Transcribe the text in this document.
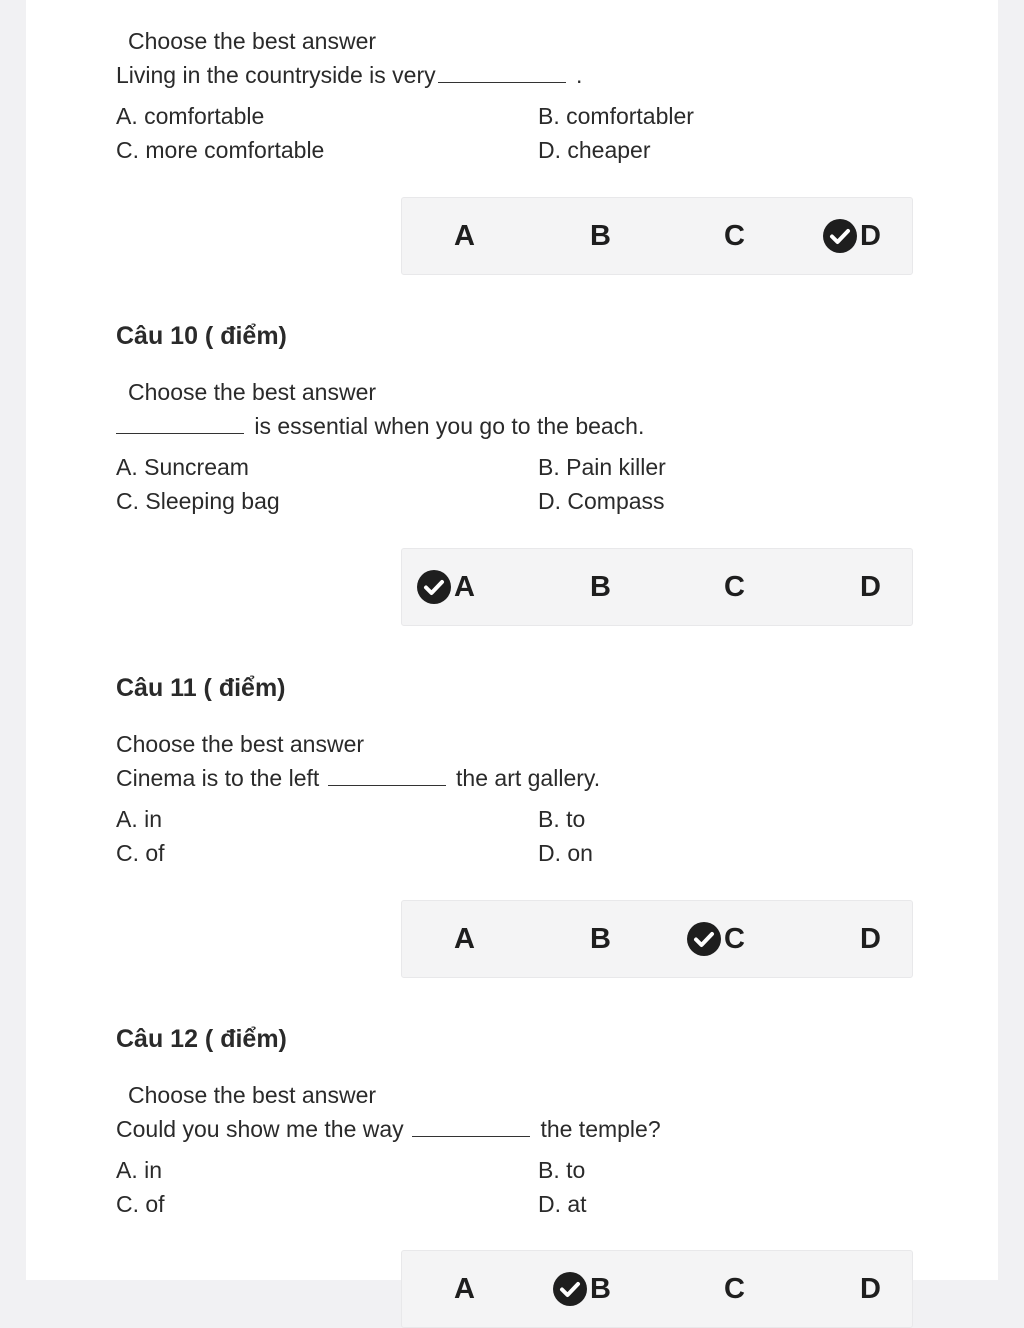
Choose the best answer
Living in the countryside is very	.
A. comfortable	B. comfortabler
C. more comfortable	D. cheaper
A	B	C	D
Câu 10 ( điểm)
Choose the best answer
is essential when you go to the beach.
A. Suncream	B. Pain killer
C. Sleeping bag	D. Compass
A	B	C	D
Câu 11 ( điểm)
Choose the best answer
Cinema is to the left	the art gallery.
A. in	B. to
C. of	D. on
A	B	C	D
Câu 12 ( điểm)
Choose the best answer
Could you show me the way	the temple?
A. in	B. to
C. of	D. at
A	B	C	D
